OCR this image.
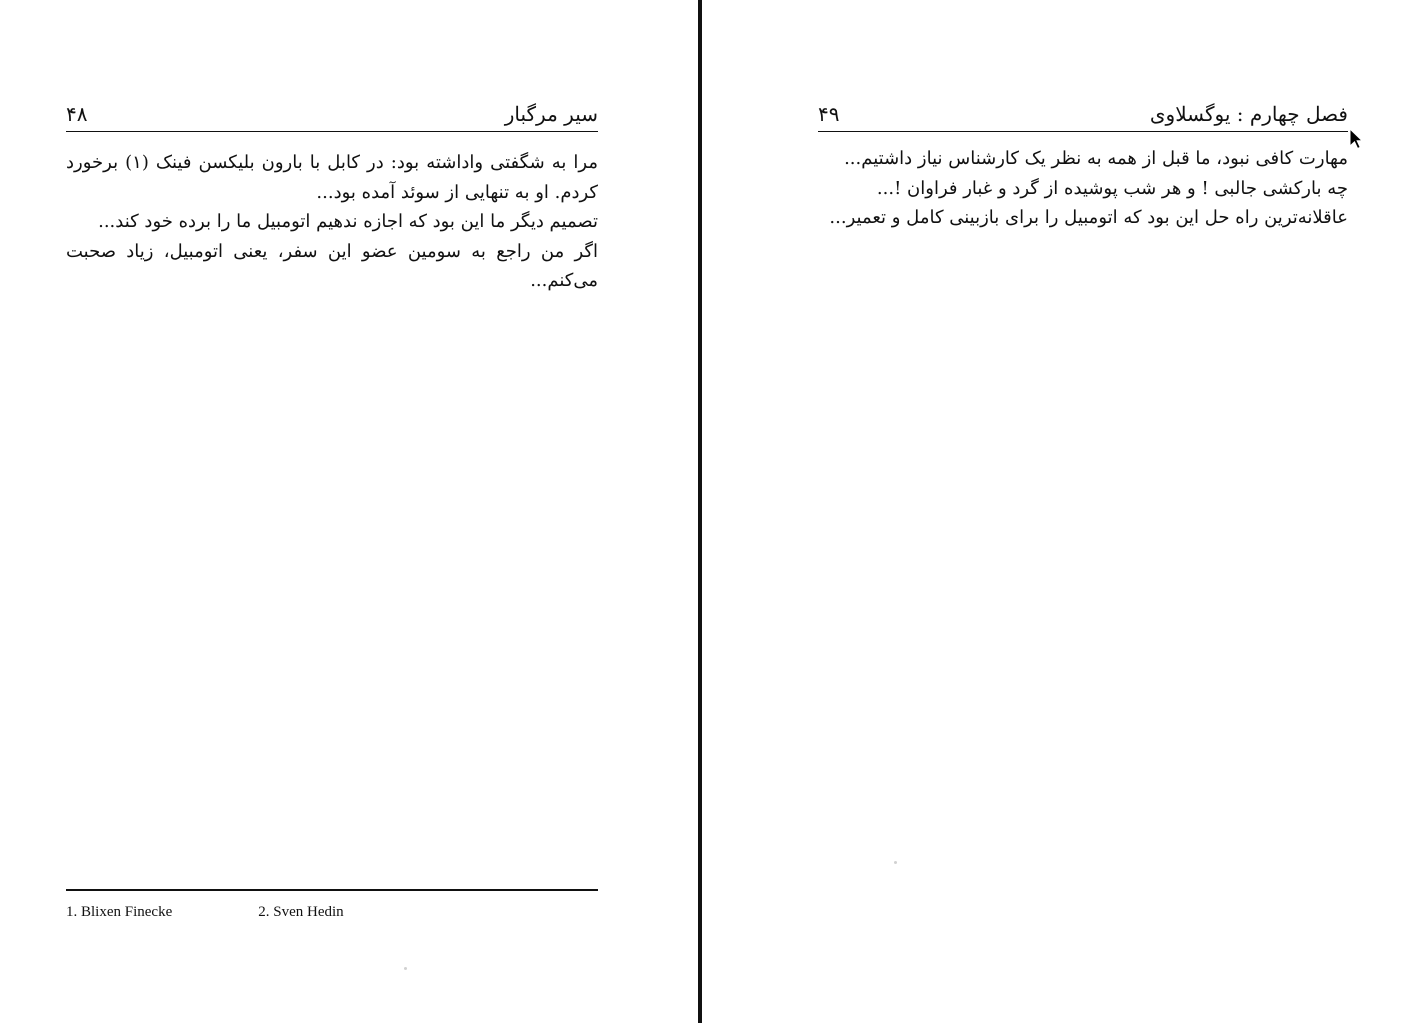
۴۸	سیر مرگبار

مرا به شگفتی واداشته بود: در کابل با بارون بلیکسن فینک (۱) برخورد کردم. او به تنهایی از سوئد آمده بود...

تصمیم دیگر ما این بود که اجازه ندهیم اتومبیل ما را برده خود کند...

اگر من راجع به سومین عضو این سفر، یعنی اتومبیل، زیاد صحبت می‌کنم...

1. Blixen Finecke	2. Sven Hedin
۴۹	فصل چهارم : یوگسلاوی

مهارت کافی نبود، ما قبل از همه به نظر یک کارشناس نیاز داشتیم...

چه بارکشی جالبی ! و هر شب پوشیده از گرد و غبار فراوان !...

عاقلانه‌ترین راه حل این بود که اتومبیل را برای بازبینی کامل و تعمیر...
